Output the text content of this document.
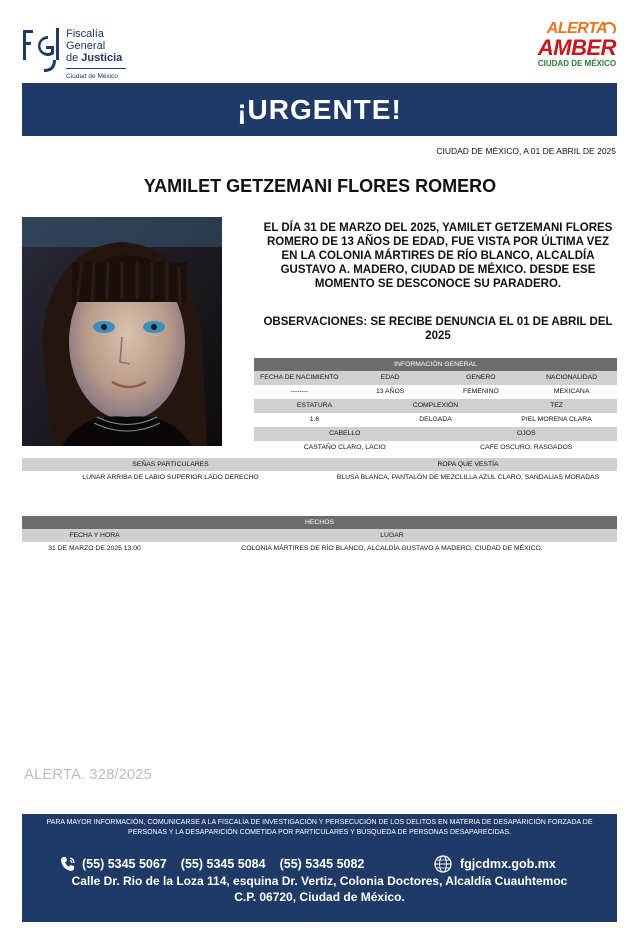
Fiscalía
General
de Justicia
Ciudad de México
ALERTA
AMBER
CIUDAD DE MÉXICO
¡URGENTE!
CIUDAD DE MÉXICO, A 01 DE ABRIL DE 2025
YAMILET GETZEMANI FLORES ROMERO
EL DÍA 31 DE MARZO DEL 2025, YAMILET GETZEMANI FLORES ROMERO DE 13 AÑOS DE EDAD, FUE VISTA POR ÚLTIMA VEZ EN LA COLONIA MÁRTIRES DE RÍO BLANCO, ALCALDÍA GUSTAVO A. MADERO, CIUDAD DE MÉXICO. DESDE ESE MOMENTO SE DESCONOCE SU PARADERO.
OBSERVACIONES: SE RECIBE DENUNCIA EL 01 DE ABRIL DEL 2025
INFORMACIÓN GENERAL
FECHA DE NACIMIENTO	EDAD	GENERO	NACIONALIDAD
--------	13 AÑOS	FEMENINO	MEXICANA
ESTATURA	COMPLEXIÓN	TEZ
1.6	DELGADA	PIEL MORENA CLARA
CABELLO	OJOS
CASTAÑO CLARO, LACIO	CAFE OSCURO, RASGADOS
SEÑAS PARTICULARES	ROPA QUE VESTÍA
LUNAR ARRIBA DE LABIO SUPERIOR LADO DERECHO	BLUSA BLANCA, PANTALÓN DE MEZCLILLA AZUL CLARO, SANDALIAS MORADAS
HECHOS
FECHA Y HORA	LUGAR
31 DE MARZO DE 2025 13:00	COLONIA MÁRTIRES DE RÍO BLANCO, ALCALDÍA GUSTAVO A MADERO, CIUDAD DE MÉXICO,
ALERTA. 328/2025
PARA MAYOR INFORMACIÓN, COMUNICARSE A LA FISCALÍA DE INVESTIGACIÓN Y PERSECUCIÓN DE LOS DELITOS EN MATERIA DE DESAPARICIÓN FORZADA DE PERSONAS Y LA DESAPARICIÓN COMETIDA POR PARTICULARES Y BÚSQUEDA DE PERSONAS DESAPARECIDAS.
(55) 5345 5067 (55) 5345 5084 (55) 5345 5082	fgjcdmx.gob.mx
Calle Dr. Rio de la Loza 114, esquina Dr. Vertiz, Colonia Doctores, Alcaldía Cuauhtemoc
C.P. 06720, Ciudad de México.
